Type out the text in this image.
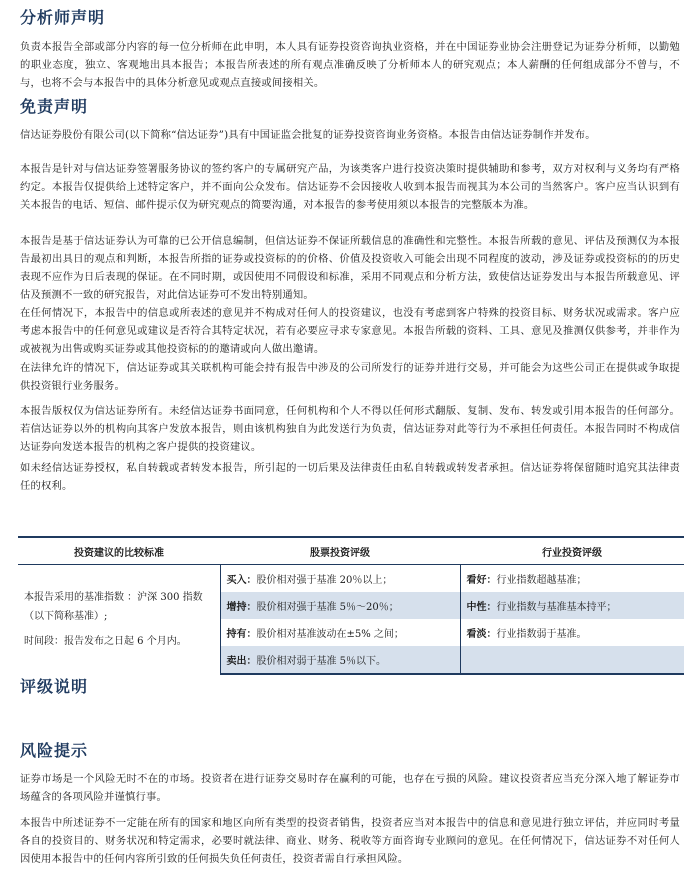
分析师声明

负责本报告全部或部分内容的每一位分析师在此申明，本人具有证券投资咨询执业资格，并在中国证券业协会注册登记为证券分析师，以勤勉的职业态度，独立、客观地出具本报告；本报告所表述的所有观点准确反映了分析师本人的研究观点；本人薪酬的任何组成部分不曾与，不与，也将不会与本报告中的具体分析意见或观点直接或间接相关。

免责声明

信达证券股份有限公司(以下简称“信达证券”)具有中国证监会批复的证券投资咨询业务资格。本报告由信达证券制作并发布。

本报告是针对与信达证券签署服务协议的签约客户的专属研究产品，为该类客户进行投资决策时提供辅助和参考，双方对权利与义务均有严格约定。本报告仅提供给上述特定客户，并不面向公众发布。信达证券不会因接收人收到本报告而视其为本公司的当然客户。客户应当认识到有关本报告的电话、短信、邮件提示仅为研究观点的简要沟通，对本报告的参考使用须以本报告的完整版本为准。

本报告是基于信达证券认为可靠的已公开信息编制，但信达证券不保证所载信息的准确性和完整性。本报告所载的意见、评估及预测仅为本报告最初出具日的观点和判断，本报告所指的证券或投资标的的价格、价值及投资收入可能会出现不同程度的波动，涉及证券或投资标的的历史表现不应作为日后表现的保证。在不同时期，或因使用不同假设和标准，采用不同观点和分析方法，致使信达证券发出与本报告所载意见、评估及预测不一致的研究报告，对此信达证券可不发出特别通知。

在任何情况下，本报告中的信息或所表述的意见并不构成对任何人的投资建议，也没有考虑到客户特殊的投资目标、财务状况或需求。客户应考虑本报告中的任何意见或建议是否符合其特定状况，若有必要应寻求专家意见。本报告所载的资料、工具、意见及推测仅供参考，并非作为或被视为出售或购买证券或其他投资标的的邀请或向人做出邀请。

在法律允许的情况下，信达证券或其关联机构可能会持有报告中涉及的公司所发行的证券并进行交易，并可能会为这些公司正在提供或争取提供投资银行业务服务。

本报告版权仅为信达证券所有。未经信达证券书面同意，任何机构和个人不得以任何形式翻版、复制、发布、转发或引用本报告的任何部分。若信达证券以外的机构向其客户发放本报告，则由该机构独自为此发送行为负责，信达证券对此等行为不承担任何责任。本报告同时不构成信达证券向发送本报告的机构之客户提供的投资建议。

如未经信达证券授权，私自转载或者转发本报告，所引起的一切后果及法律责任由私自转载或转发者承担。信达证券将保留随时追究其法律责任的权利。

投资建议的比较标准	股票投资评级	行业投资评级

本报告采用的基准指数 ：沪深 300 指数（以下简称基准）;
时间段：报告发布之日起 6 个月内。	买入：股价相对强于基准 20％以上；	看好：行业指数超越基准；
	增持：股价相对强于基准 5％～20％；	中性：行业指数与基准基本持平；
	持有：股价相对基准波动在±5% 之间；	看淡：行业指数弱于基准。
	卖出：股价相对弱于基准 5％以下。	
评级说明
风险提示

证券市场是一个风险无时不在的市场。投资者在进行证券交易时存在赢利的可能，也存在亏损的风险。建议投资者应当充分深入地了解证券市场蕴含的各项风险并谨慎行事。

本报告中所述证券不一定能在所有的国家和地区向所有类型的投资者销售，投资者应当对本报告中的信息和意见进行独立评估，并应同时考量各自的投资目的、财务状况和特定需求，必要时就法律、商业、财务、税收等方面咨询专业顾问的意见。在任何情况下，信达证券不对任何人因使用本报告中的任何内容所引致的任何损失负任何责任，投资者需自行承担风险。
